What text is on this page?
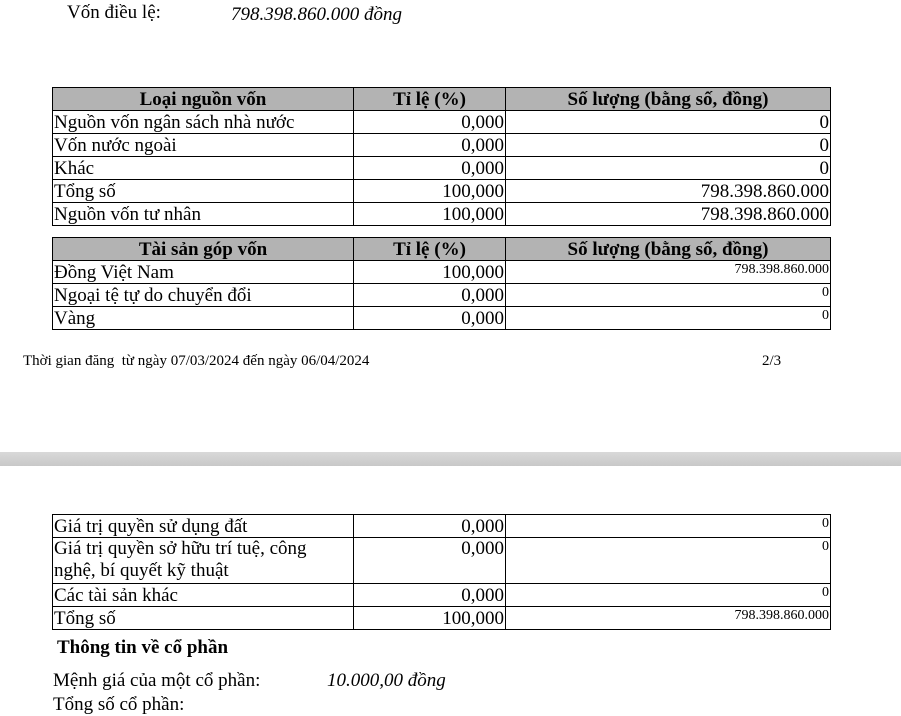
Vốn điều lệ:	798.398.860.000 đồng
Loại nguồn vốn	Tỉ lệ (%)	Số lượng (bằng số, đồng)
Nguồn vốn ngân sách nhà nước	0,000	0
Vốn nước ngoài	0,000	0
Khác	0,000	0
Tổng số	100,000	798.398.860.000
Nguồn vốn tư nhân	100,000	798.398.860.000
Tài sản góp vốn	Tỉ lệ (%)	Số lượng (bằng số, đồng)
Đồng Việt Nam	100,000	798.398.860.000
Ngoại tệ tự do chuyển đổi	0,000	0
Vàng	0,000	0
Thời gian đăng  từ ngày 07/03/2024 đến ngày 06/04/2024	2/3
Giá trị quyền sử dụng đất	0,000	0
Giá trị quyền sở hữu trí tuệ, công nghệ, bí quyết kỹ thuật	0,000	0
Các tài sản khác	0,000	0
Tổng số	100,000	798.398.860.000
Thông tin về cổ phần
Mệnh giá của một cổ phần:	10.000,00 đồng
Tổng số cổ phần:
